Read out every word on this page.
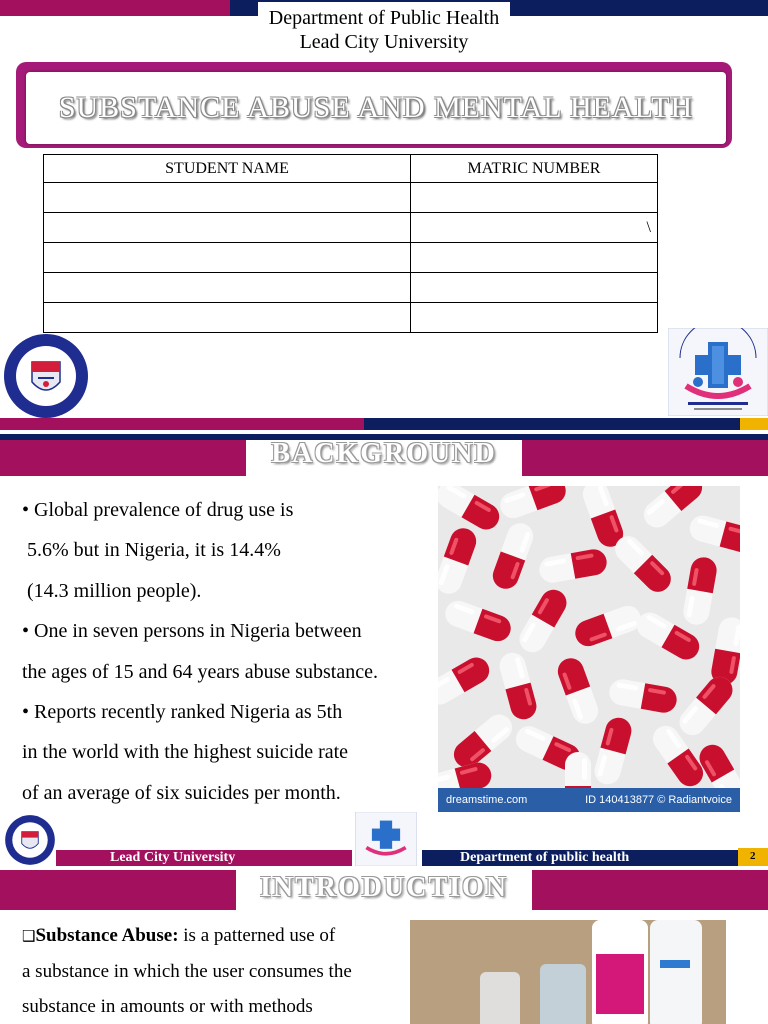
Department of Public Health
Lead City University
SUBSTANCE ABUSE AND MENTAL HEALTH
STUDENT NAME	MATRIC NUMBER

	\

BACKGROUND
• Global prevalence of drug use is
5.6% but in Nigeria, it is 14.4%
(14.3 million people).
• One in seven persons in Nigeria between
the ages of 15 and 64 years abuse substance.
• Reports recently ranked Nigeria as 5th
in the world with the highest suicide rate
of an average of six suicides per month.	dreamstime.com	ID 140413877 © Radiantvoice
Lead City University	Department of public health	2
INTRODUCTION
❑Substance Abuse: is a patterned use of
a substance in which the user consumes the
substance in amounts or with methods
